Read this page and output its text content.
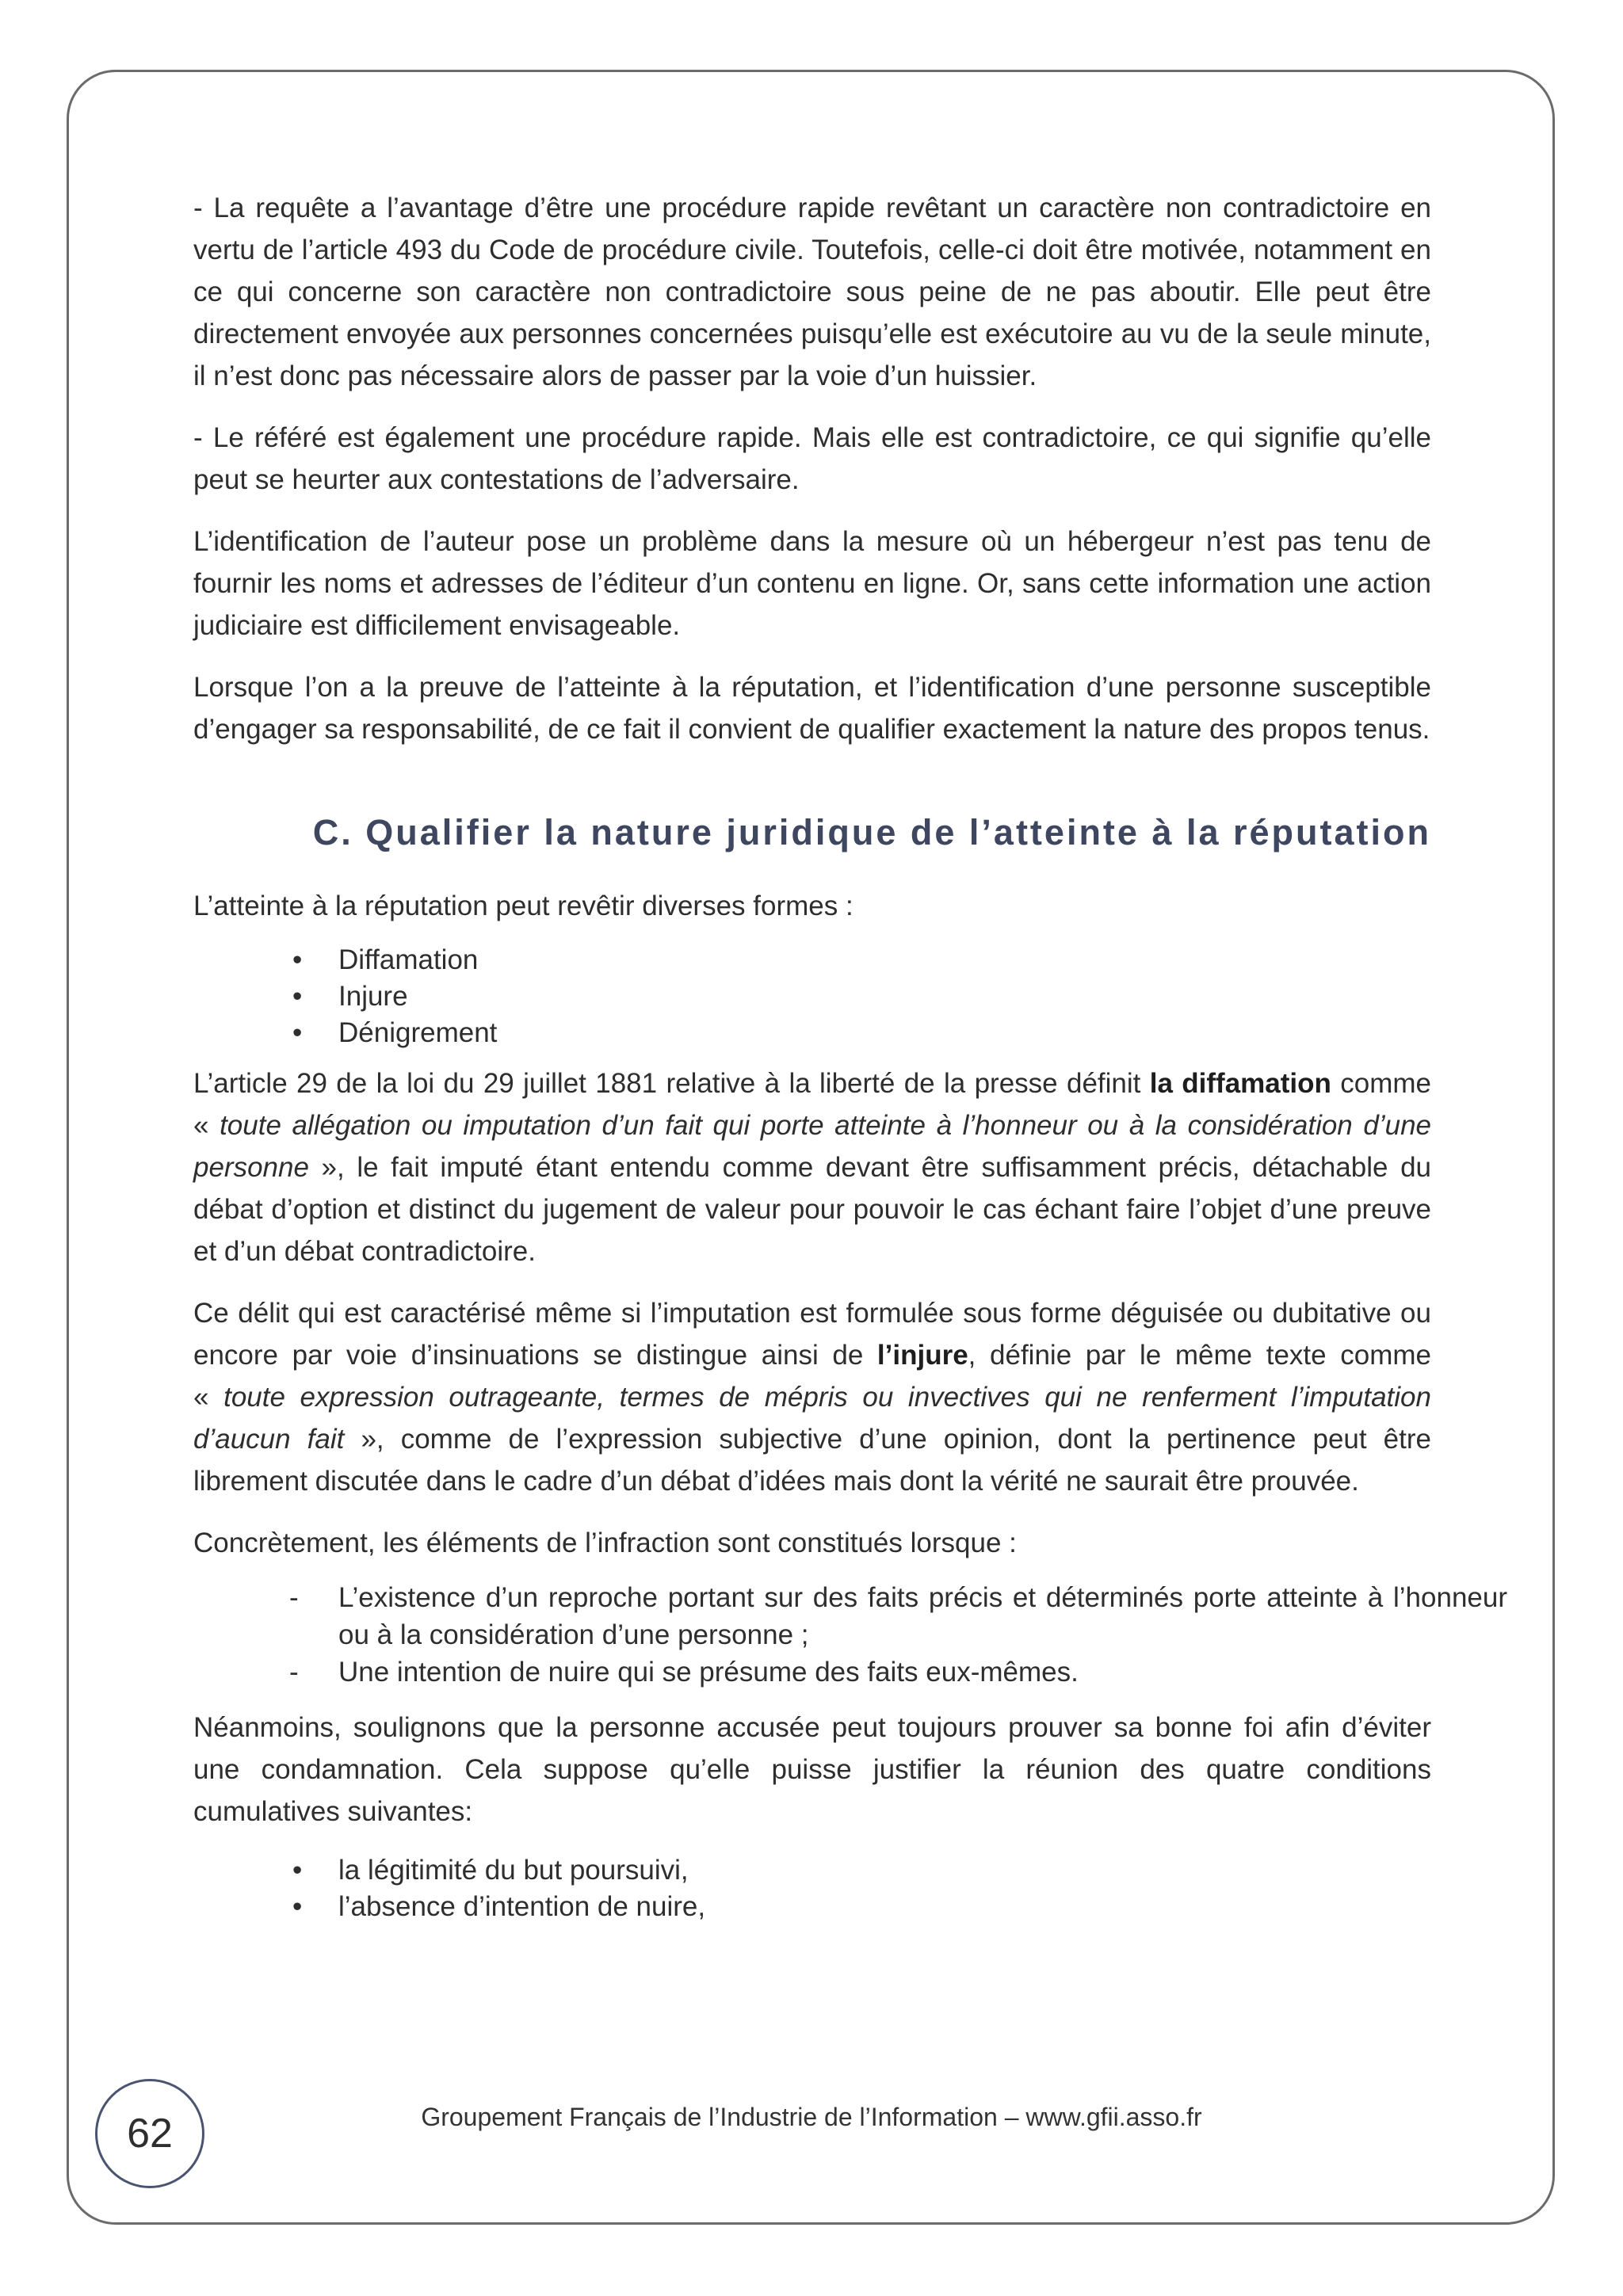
- La requête a l’avantage d’être une procédure rapide revêtant un caractère non contradictoire en vertu de l’article 493 du Code de procédure civile. Toutefois, celle-ci doit être motivée, notamment en ce qui concerne son caractère non contradictoire sous peine de ne pas aboutir. Elle peut être directement envoyée aux personnes concernées puisqu’elle est exécutoire au vu de la seule minute, il n’est donc pas nécessaire alors de passer par la voie d’un huissier.

- Le référé est également une procédure rapide. Mais elle est contradictoire, ce qui signifie qu’elle peut se heurter aux contestations de l’adversaire.

L’identification de l’auteur pose un problème dans la mesure où un hébergeur n’est pas tenu de fournir les noms et adresses de l’éditeur d’un contenu en ligne. Or, sans cette information une action judiciaire est difficilement envisageable.

Lorsque l’on a la preuve de l’atteinte à la réputation, et l’identification d’une personne susceptible d’engager sa responsabilité, de ce fait il convient de qualifier exactement la nature des propos tenus.

C. Qualifier la nature juridique de l’atteinte à la réputation

L’atteinte à la réputation peut revêtir diverses formes :

• Diffamation
• Injure
• Dénigrement

L’article 29 de la loi du 29 juillet 1881 relative à la liberté de la presse définit la diffamation comme « toute allégation ou imputation d’un fait qui porte atteinte à l’honneur ou à la considération d’une personne », le fait imputé étant entendu comme devant être suffisamment précis, détachable du débat d’option et distinct du jugement de valeur pour pouvoir le cas échant faire l’objet d’une preuve et d’un débat contradictoire.

Ce délit qui est caractérisé même si l’imputation est formulée sous forme déguisée ou dubitative ou encore par voie d’insinuations se distingue ainsi de l’injure, définie par le même texte comme « toute expression outrageante, termes de mépris ou invectives qui ne renferment l’imputation d’aucun fait », comme de l’expression subjective d’une opinion, dont la pertinence peut être librement discutée dans le cadre d’un débat d’idées mais dont la vérité ne saurait être prouvée.

Concrètement, les éléments de l’infraction sont constitués lorsque :

- L’existence d’un reproche portant sur des faits précis et déterminés porte atteinte à l’honneur ou à la considération d’une personne ;
- Une intention de nuire qui se présume des faits eux-mêmes.

Néanmoins, soulignons que la personne accusée peut toujours prouver sa bonne foi afin d’éviter une condamnation. Cela suppose qu’elle puisse justifier la réunion des quatre conditions cumulatives suivantes:

• la légitimité du but poursuivi,
• l’absence d’intention de nuire,
62	Groupement Français de l’Industrie de l’Information – www.gfii.asso.fr
